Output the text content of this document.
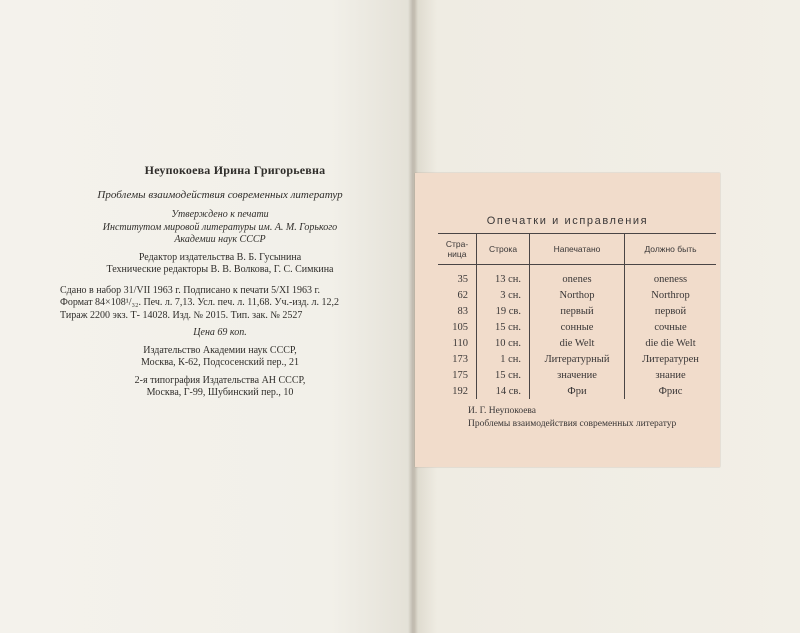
Неупокоева Ирина Григорьевна

Проблемы взаимодействия современных литератур

Утверждено к печати

Институтом мировой литературы им. А. М. Горького

Академии наук СССР

Редактор издательства В. Б. Гусынина

Технические редакторы В. В. Волкова, Г. С. Симкина

Сдано в набор 31/VII 1963 г. Подписано к печати 5/XI 1963 г.

Формат 84×108¹/₃₂. Печ. л. 7,13. Усл. печ. л. 11,68. Уч.-изд. л. 12,2

Тираж 2200 экз. Т- 14028. Изд. № 2015. Тип. зак. № 2527

Цена 69 коп.

Издательство Академии наук СССР,

Москва, К-62, Подсосенский пер., 21

2-я типография Издательства АН СССР,

Москва, Г-99, Шубинский пер., 10

Опечатки и исправления
Стра-ница	Строка	Напечатано	Должно быть
35	13 сн.	onenes	oneness
62	3 сн.	Northop	Northrop
83	19 св.	первый	первой
105	15 сн.	сонные	сочные
110	10 сн.	die Welt	die die Welt
173	1 сн.	Литературный	Литературен
175	15 сн.	значение	знание
192	14 св.	Фри	Фрис

И. Г. Неупокоева

Проблемы взаимодействия современных литератур
